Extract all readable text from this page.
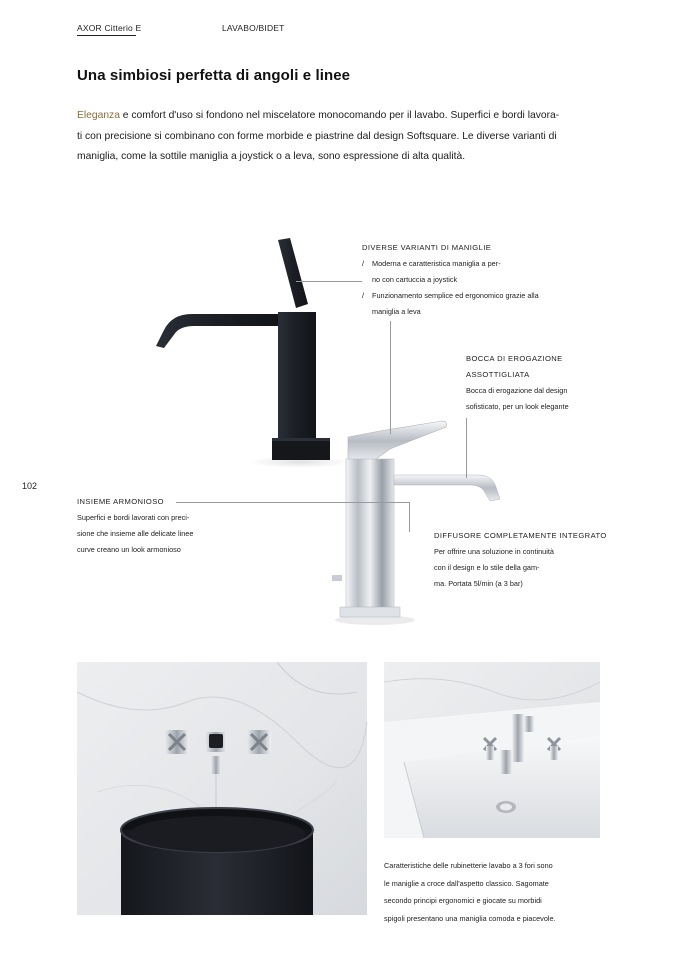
AXOR Citterio E	LAVABO/BIDET
Una simbiosi perfetta di angoli e linee
Eleganza e comfort d'uso si fondono nel miscelatore monocomando per il lavabo. Superfici e bordi lavora-
ti con precisione si combinano con forme morbide e piastrine dal design Softsquare. Le diverse varianti di
maniglia, come la sottile maniglia a joystick o a leva, sono espressione di alta qualità.
102
DIVERSE VARIANTI DI MANIGLIE
/ Moderna e caratteristica maniglia a per-
no con cartuccia a joystick
/ Funzionamento semplice ed ergonomico grazie alla
maniglia a leva
BOCCA DI EROGAZIONE
ASSOTTIGLIATA
Bocca di erogazione dal design
sofisticato, per un look elegante
INSIEME ARMONIOSO
Superfici e bordi lavorati con preci-
sione che insieme alle delicate linee
curve creano un look armonioso
DIFFUSORE COMPLETAMENTE INTEGRATO
Per offrire una soluzione in continuità
con il design e lo stile della gam-
ma. Portata 5l/min (a 3 bar)
Caratteristiche delle rubinetterie lavabo a 3 fori sono
le maniglie a croce dall'aspetto classico. Sagomate
secondo principi ergonomici e giocate su morbidi
spigoli presentano una maniglia comoda e piacevole.
